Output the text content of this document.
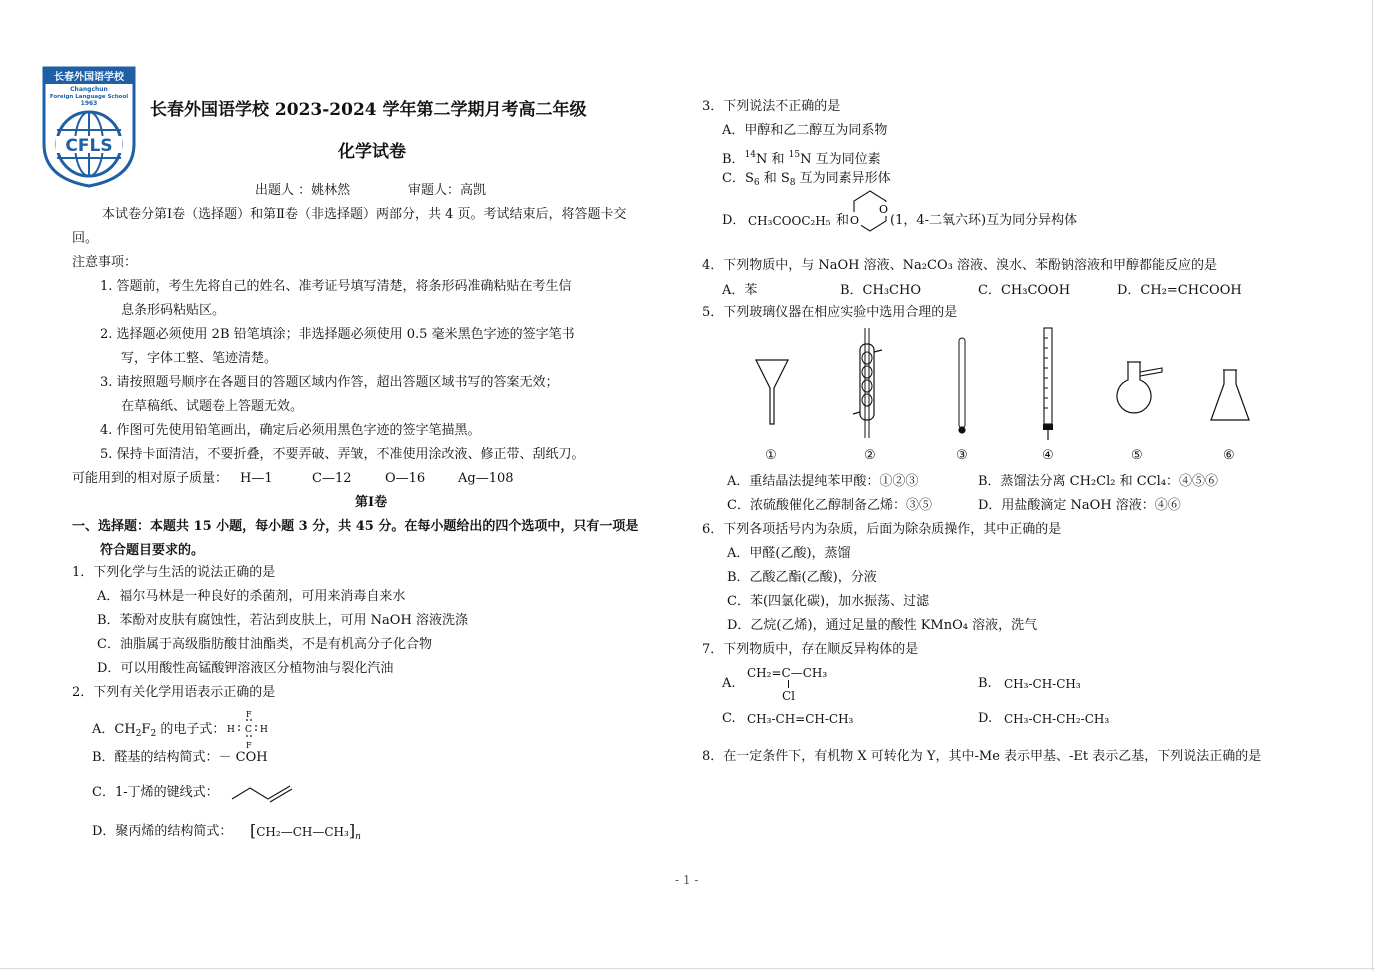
长春外国语学校
Changchun
Foreign Language School
1963
CFLS
长春外国语学校 2023-2024 学年第二学期月考高二年级
化学试卷
出题人 ：姚林然	审题人：高凯
本试卷分第Ⅰ卷（选择题）和第Ⅱ卷（非选择题）两部分，共 4 页。考试结束后，将答题卡交
回。
注意事项：
1. 答题前，考生先将自己的姓名、准考证号填写清楚，将条形码准确粘贴在考生信
息条形码粘贴区。
2. 选择题必须使用 2B 铅笔填涂；非选择题必须使用 0.5 毫米黑色字迹的签字笔书
写，字体工整、笔迹清楚。
3. 请按照题号顺序在各题目的答题区域内作答，超出答题区域书写的答案无效；
在草稿纸、试题卷上答题无效。
4. 作图可先使用铅笔画出，确定后必须用黑色字迹的签字笔描黑。
5. 保持卡面清洁，不要折叠，不要弄破、弄皱，不准使用涂改液、修正带、刮纸刀。
可能用到的相对原子质量： H—1	C—12	O—16	Ag—108
第Ⅰ卷
一、选择题：本题共 15 小题，每小题 3 分，共 45 分。在每小题给出的四个选项中，只有一项是
符合题目要求的。
1．下列化学与生活的说法正确的是
A．福尔马林是一种良好的杀菌剂，可用来消毒自来水
B．苯酚对皮肤有腐蚀性，若沾到皮肤上，可用 NaOH 溶液洗涤
C．油脂属于高级脂肪酸甘油酯类，不是有机高分子化合物
D．可以用酸性高锰酸钾溶液区分植物油与裂化汽油
2．下列有关化学用语表示正确的是
A．$CH_2F_2$ 的电子式：
F
H C H
F
B．醛基的结构简式：－ COH
C．1-丁烯的键线式：
D．聚丙烯的结构简式： $[CH_2—CH—CH_3]_n$
3．下列说法不正确的是
A．甲醇和乙二醇互为同系物
B．$^{14}$N 和 $^{15}$N 互为同位素
C．$S_6$ 和 $S_8$ 互为同素异形体
D． CH₃COOC₂H₅ 和
O
O (1，4-二氧六环)互为同分异构体
4．下列物质中，与 NaOH 溶液、Na₂CO₃ 溶液、溴水、苯酚钠溶液和甲醇都能反应的是
A．苯	B．CH₃CHO	C．CH₃COOH	D．CH₂=CHCOOH
5．下列玻璃仪器在相应实验中选用合理的是
①	②	③	④	⑤	⑥
A．重结晶法提纯苯甲酸：①②③	B．蒸馏法分离 CH₂Cl₂ 和 CCl₄：④⑤⑥
C．浓硫酸催化乙醇制备乙烯：③⑤	D．用盐酸滴定 NaOH 溶液：④⑥
6．下列各项括号内为杂质，后面为除杂质操作，其中正确的是
A．甲醛(乙酸)，蒸馏
B．乙酸乙酯(乙酸)，分液
C．苯(四氯化碳)，加水振荡、过滤
D．乙烷(乙烯)，通过足量的酸性 KMnO₄ 溶液，洗气
7．下列物质中，存在顺反异构体的是
A.
CH₂=C—CH₃
Cl
B. CH₃-CH-CH₃
C. CH₃-CH=CH-CH₃	D. CH₃-CH-CH₂-CH₃
8．在一定条件下，有机物 X 可转化为 Y，其中-Me 表示甲基、-Et 表示乙基，下列说法正确的是
- 1 -
